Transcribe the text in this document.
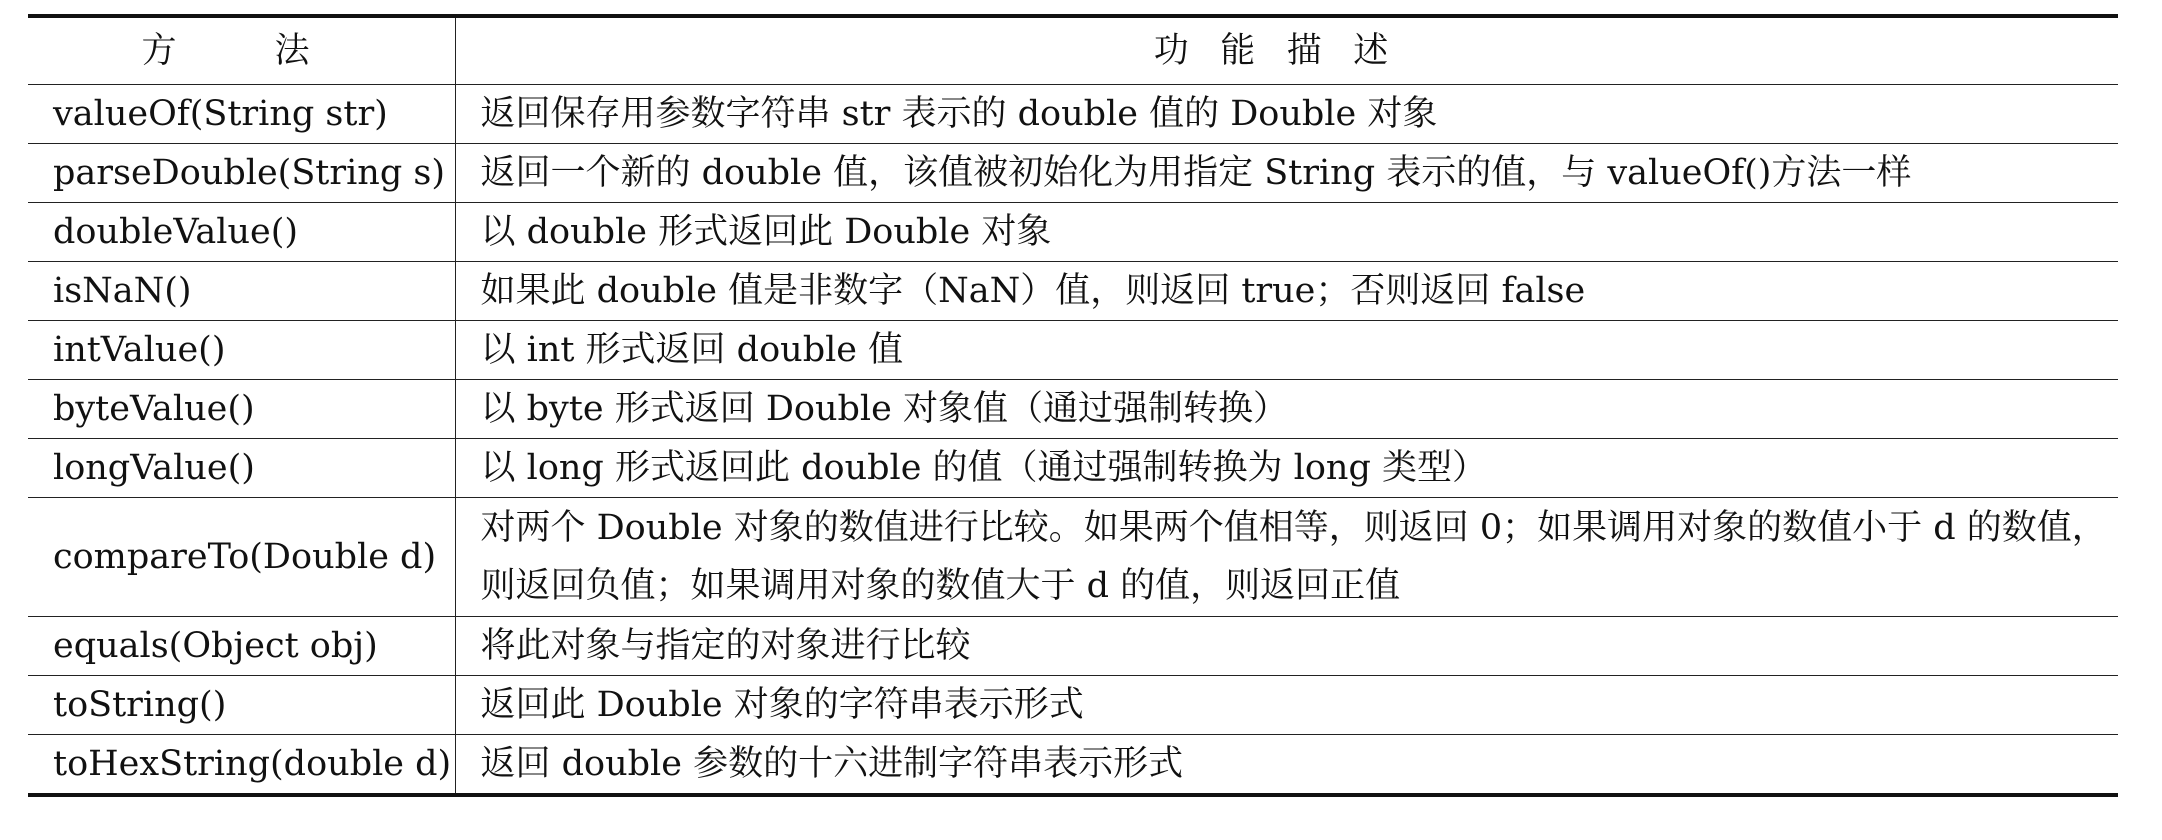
方　法	功能描述
valueOf(String str)	返回保存用参数字符串 str 表示的 double 值的 Double 对象
parseDouble(String s)	返回一个新的 double 值，该值被初始化为用指定 String 表示的值，与 valueOf()方法一样
doubleValue()	以 double 形式返回此 Double 对象
isNaN()	如果此 double 值是非数字（NaN）值，则返回 true；否则返回 false
intValue()	以 int 形式返回 double 值
byteValue()	以 byte 形式返回 Double 对象值（通过强制转换）
longValue()	以 long 形式返回此 double 的值（通过强制转换为 long 类型）
compareTo(Double d)	对两个 Double 对象的数值进行比较。如果两个值相等，则返回 0；如果调用对象的数值小于 d 的数值，则返回负值；如果调用对象的数值大于 d 的值，则返回正值
equals(Object obj)	将此对象与指定的对象进行比较
toString()	返回此 Double 对象的字符串表示形式
toHexString(double d)	返回 double 参数的十六进制字符串表示形式
